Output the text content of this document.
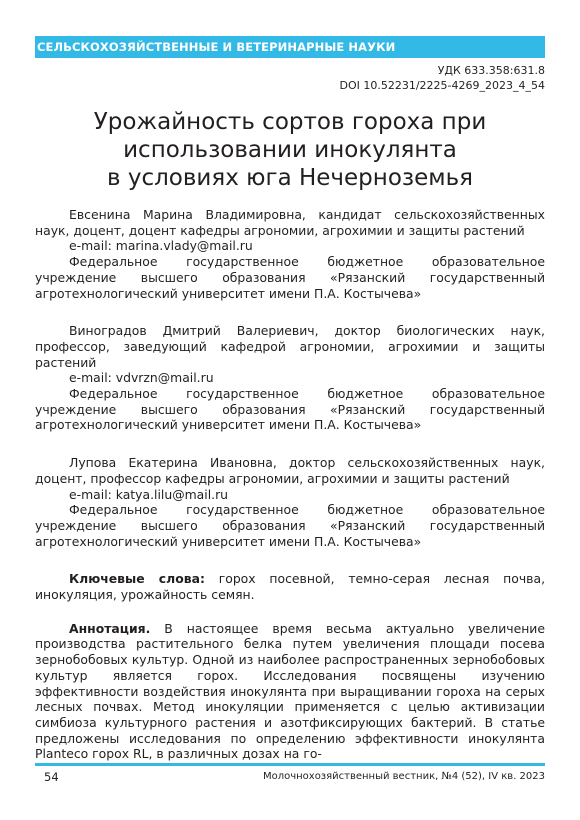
СЕЛЬСКОХОЗЯЙСТВЕННЫЕ И ВЕТЕРИНАРНЫЕ НАУКИ
УДК 633.358:631.8
DOI 10.52231/2225-4269_2023_4_54
Урожайность сортов гороха при
использовании инокулянта
в условиях юга Нечерноземья

Евсенина Марина Владимировна, кандидат сельскохозяйственных наук, доцент, доцент кафедры агрономии, агрохимии и защиты растений

e-mail: marina.vlady@mail.ru

Федеральное государственное бюджетное образовательное учреждение высшего образования «Рязанский государственный агротехнологический университет имени П.А. Костычева»

Виноградов Дмитрий Валериевич, доктор биологических наук, профессор, заведующий кафедрой агрономии, агрохимии и защиты растений

e-mail: vdvrzn@mail.ru

Федеральное государственное бюджетное образовательное учреждение высшего образования «Рязанский государственный агротехнологический университет имени П.А. Костычева»

Лупова Екатерина Ивановна, доктор сельскохозяйственных наук, доцент, профессор кафедры агрономии, агрохимии и защиты растений

e-mail: katya.lilu@mail.ru

Федеральное государственное бюджетное образовательное учреждение высшего образования «Рязанский государственный агротехнологический университет имени П.А. Костычева»

Ключевые слова: горох посевной, темно-серая лесная почва, инокуляция, урожайность семян.

Аннотация. В настоящее время весьма актуально увеличение производства растительного белка путем увеличения площади посева зернобобовых культур. Одной из наиболее распространенных зернобобовых культур является горох. Исследования посвящены изучению эффективности воздействия инокулянта при выращивании гороха на серых лесных почвах. Метод инокуляции применяется с целью активизации симбиоза культурного растения и азотфиксирующих бактерий. В статье предложены исследования по определению эффективности инокулянта Planteco горох RL, в различных дозах на го-

54	Молочнохозяйственный вестник, №4 (52), IV кв. 2023
